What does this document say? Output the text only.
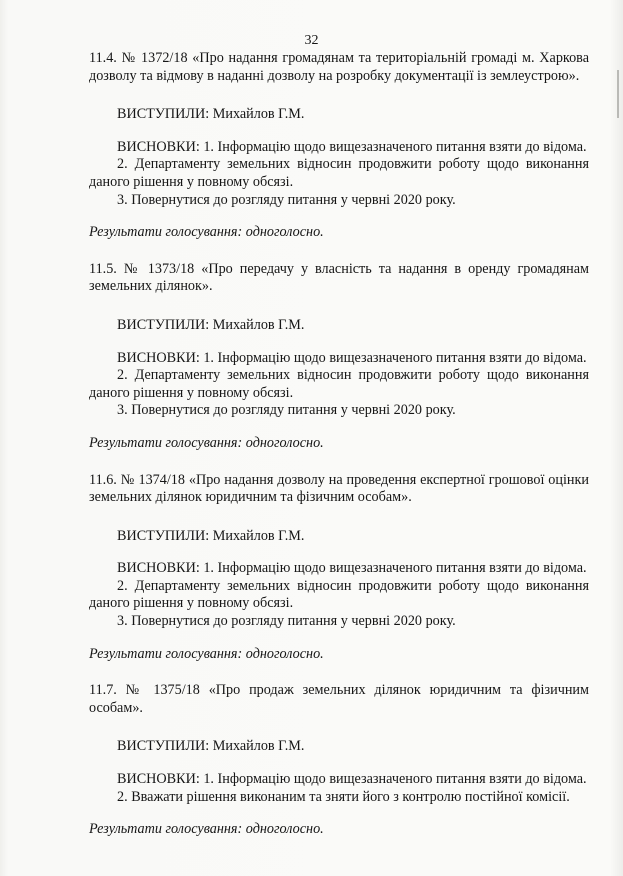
32

11.4. № 1372/18 «Про надання громадянам та територіальній громаді м. Харкова дозволу та відмову в наданні дозволу на розробку документації із землеустрою».

ВИСТУПИЛИ: Михайлов Г.М.
ВИСНОВКИ: 1. Інформацію щодо вищезазначеного питання взяти до відома.
2. Департаменту земельних відносин продовжити роботу щодо виконання даного рішення у повному обсязі.
3. Повернутися до розгляду питання у червні 2020 року.
Результати голосування: одноголосно.

11.5. № 1373/18 «Про передачу у власність та надання в оренду громадянам земельних ділянок».

ВИСТУПИЛИ: Михайлов Г.М.
ВИСНОВКИ: 1. Інформацію щодо вищезазначеного питання взяти до відома.
2. Департаменту земельних відносин продовжити роботу щодо виконання даного рішення у повному обсязі.
3. Повернутися до розгляду питання у червні 2020 року.
Результати голосування: одноголосно.

11.6. № 1374/18 «Про надання дозволу на проведення експертної грошової оцінки земельних ділянок юридичним та фізичним особам».

ВИСТУПИЛИ: Михайлов Г.М.
ВИСНОВКИ: 1. Інформацію щодо вищезазначеного питання взяти до відома.
2. Департаменту земельних відносин продовжити роботу щодо виконання даного рішення у повному обсязі.
3. Повернутися до розгляду питання у червні 2020 року.
Результати голосування: одноголосно.

11.7. № 1375/18 «Про продаж земельних ділянок юридичним та фізичним особам».

ВИСТУПИЛИ: Михайлов Г.М.
ВИСНОВКИ: 1. Інформацію щодо вищезазначеного питання взяти до відома.
2. Вважати рішення виконаним та зняти його з контролю постійної комісії.
Результати голосування: одноголосно.
